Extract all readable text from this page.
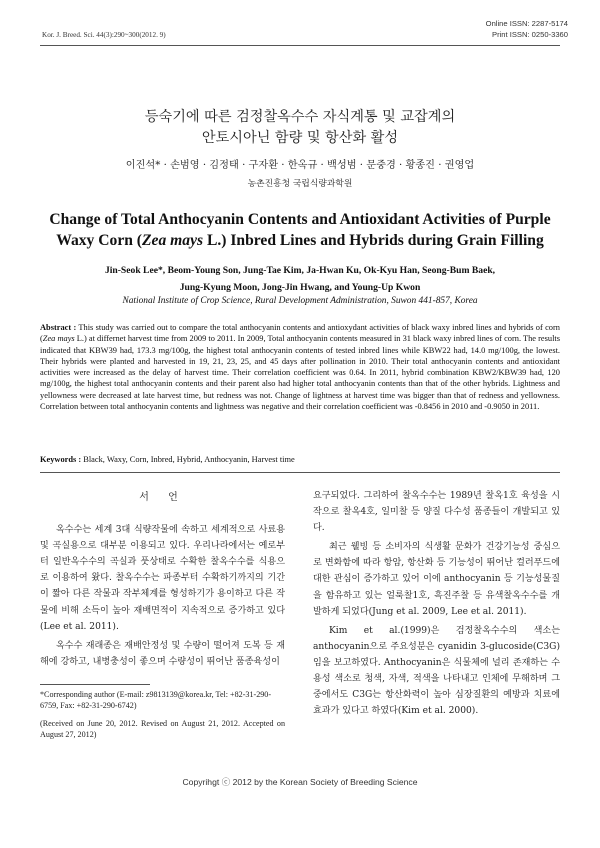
Online ISSN: 2287-5174
Print ISSN: 0250-3360
Kor. J. Breed. Sci. 44(3):290~300(2012. 9)
등숙기에 따른 검정찰옥수수 자식계통 및 교잡계의
안토시아닌 함량 및 항산화 활성
이진석* · 손범영 · 김정태 · 구자환 · 한옥규 · 백성범 · 문중경 · 황종진 · 권영업
농촌진흥청 국립식량과학원
Change of Total Anthocyanin Contents and Antioxidant Activities of Purple
Waxy Corn (Zea mays L.) Inbred Lines and Hybrids during Grain Filling
Jin-Seok Lee*, Beom-Young Son, Jung-Tae Kim, Ja-Hwan Ku, Ok-Kyu Han, Seong-Bum Baek,
Jung-Kyung Moon, Jong-Jin Hwang, and Young-Up Kwon
National Institute of Crop Science, Rural Development Administration, Suwon 441-857, Korea
Abstract : This study was carried out to compare the total anthocyanin contents and antioxydant activities of black waxy inbred lines and hybrids of corn (Zea mays L.) at differnet harvest time from 2009 to 2011. In 2009, Total anthocyanin contents measured in 31 black waxy inbred lines of corn. The results indicated that KBW39 had, 173.3 mg/100g, the highest total anthocyanin contents of tested inbred lines while KBW22 had, 14.0 mg/100g, the lowest. Their hybrids were planted and harvested in 19, 21, 23, 25, and 45 days after pollination in 2010. Their total anthocyanin contents and antioxidant activities were increased as the delay of harvest time. Their correlation coefficient was 0.64. In 2011, hybrid combination KBW2/KBW39 had, 120 mg/100g, the highest total anthocyanin contents and their parent also had higher total anthocyanin contents than that of the other hybrids. Lightness and yellowness were decreased at late harvest time, but redness was not. Change of lightness at harvest time was bigger than that of redness and yellowness. Correlation between total anthocyanin contents and lightness was negative and their correlation coefficient was -0.8456 in 2010 and -0.9050 in 2011.
Keywords : Black, Waxy, Corn, Inbred, Hybrid, Anthocyanin, Harvest time
서 언

옥수수는 세계 3대 식량작물에 속하고 세계적으로 사료용 및 곡실용으로 대부분 이용되고 있다. 우리나라에서는 예로부터 일반옥수수의 곡실과 풋상태로 수확한 찰옥수수를 식용으로 이용하여 왔다. 찰옥수수는 파종부터 수확하기까지의 기간이 짧아 다른 작물과 작부체계를 형성하기가 용이하고 다른 작물에 비해 소득이 높아 재배면적이 지속적으로 증가하고 있다(Lee et al. 2011).

옥수수 재래종은 재배안정성 및 수량이 떨어져 도복 등 재해에 강하고, 내병충성이 좋으며 수량성이 뛰어난 품종육성이

*Corresponding author (E-mail: z9813139@korea.kr, Tel: +82-31-290-6759, Fax: +82-31-290-6742)

(Received on June 20, 2012. Revised on August 21, 2012. Accepted on August 27, 2012)

요구되었다. 그리하여 찰옥수수는 1989년 찰옥1호 육성을 시작으로 찰옥4호, 일미찰 등 양질 다수성 품종들이 개발되고 있다.

최근 웰빙 등 소비자의 식생활 문화가 건강기능성 중심으로 변화함에 따라 항암, 항산화 등 기능성이 뛰어난 컬러푸드에 대한 관심이 증가하고 있어 이에 anthocyanin 등 기능성물질을 함유하고 있는 얼룩찰1호, 흑진주찰 등 유색찰옥수수를 개발하게 되었다(Jung et al. 2009, Lee et al. 2011).

Kim et al.(1999)은 검정찰옥수수의 색소는 anthocyanin으로 주요성분은 cyanidin 3-glucoside(C3G) 임을 보고하였다. Anthocyanin은 식물체에 널리 존재하는 수용성 색소로 청색, 자색, 적색을 나타내고 인체에 무해하며 그 중에서도 C3G는 항산화력이 높아 심장질환의 예방과 치료에 효과가 있다고 하였다(Kim et al. 2000).

Copyrihgt ⓒ 2012 by the Korean Society of Breeding Science
